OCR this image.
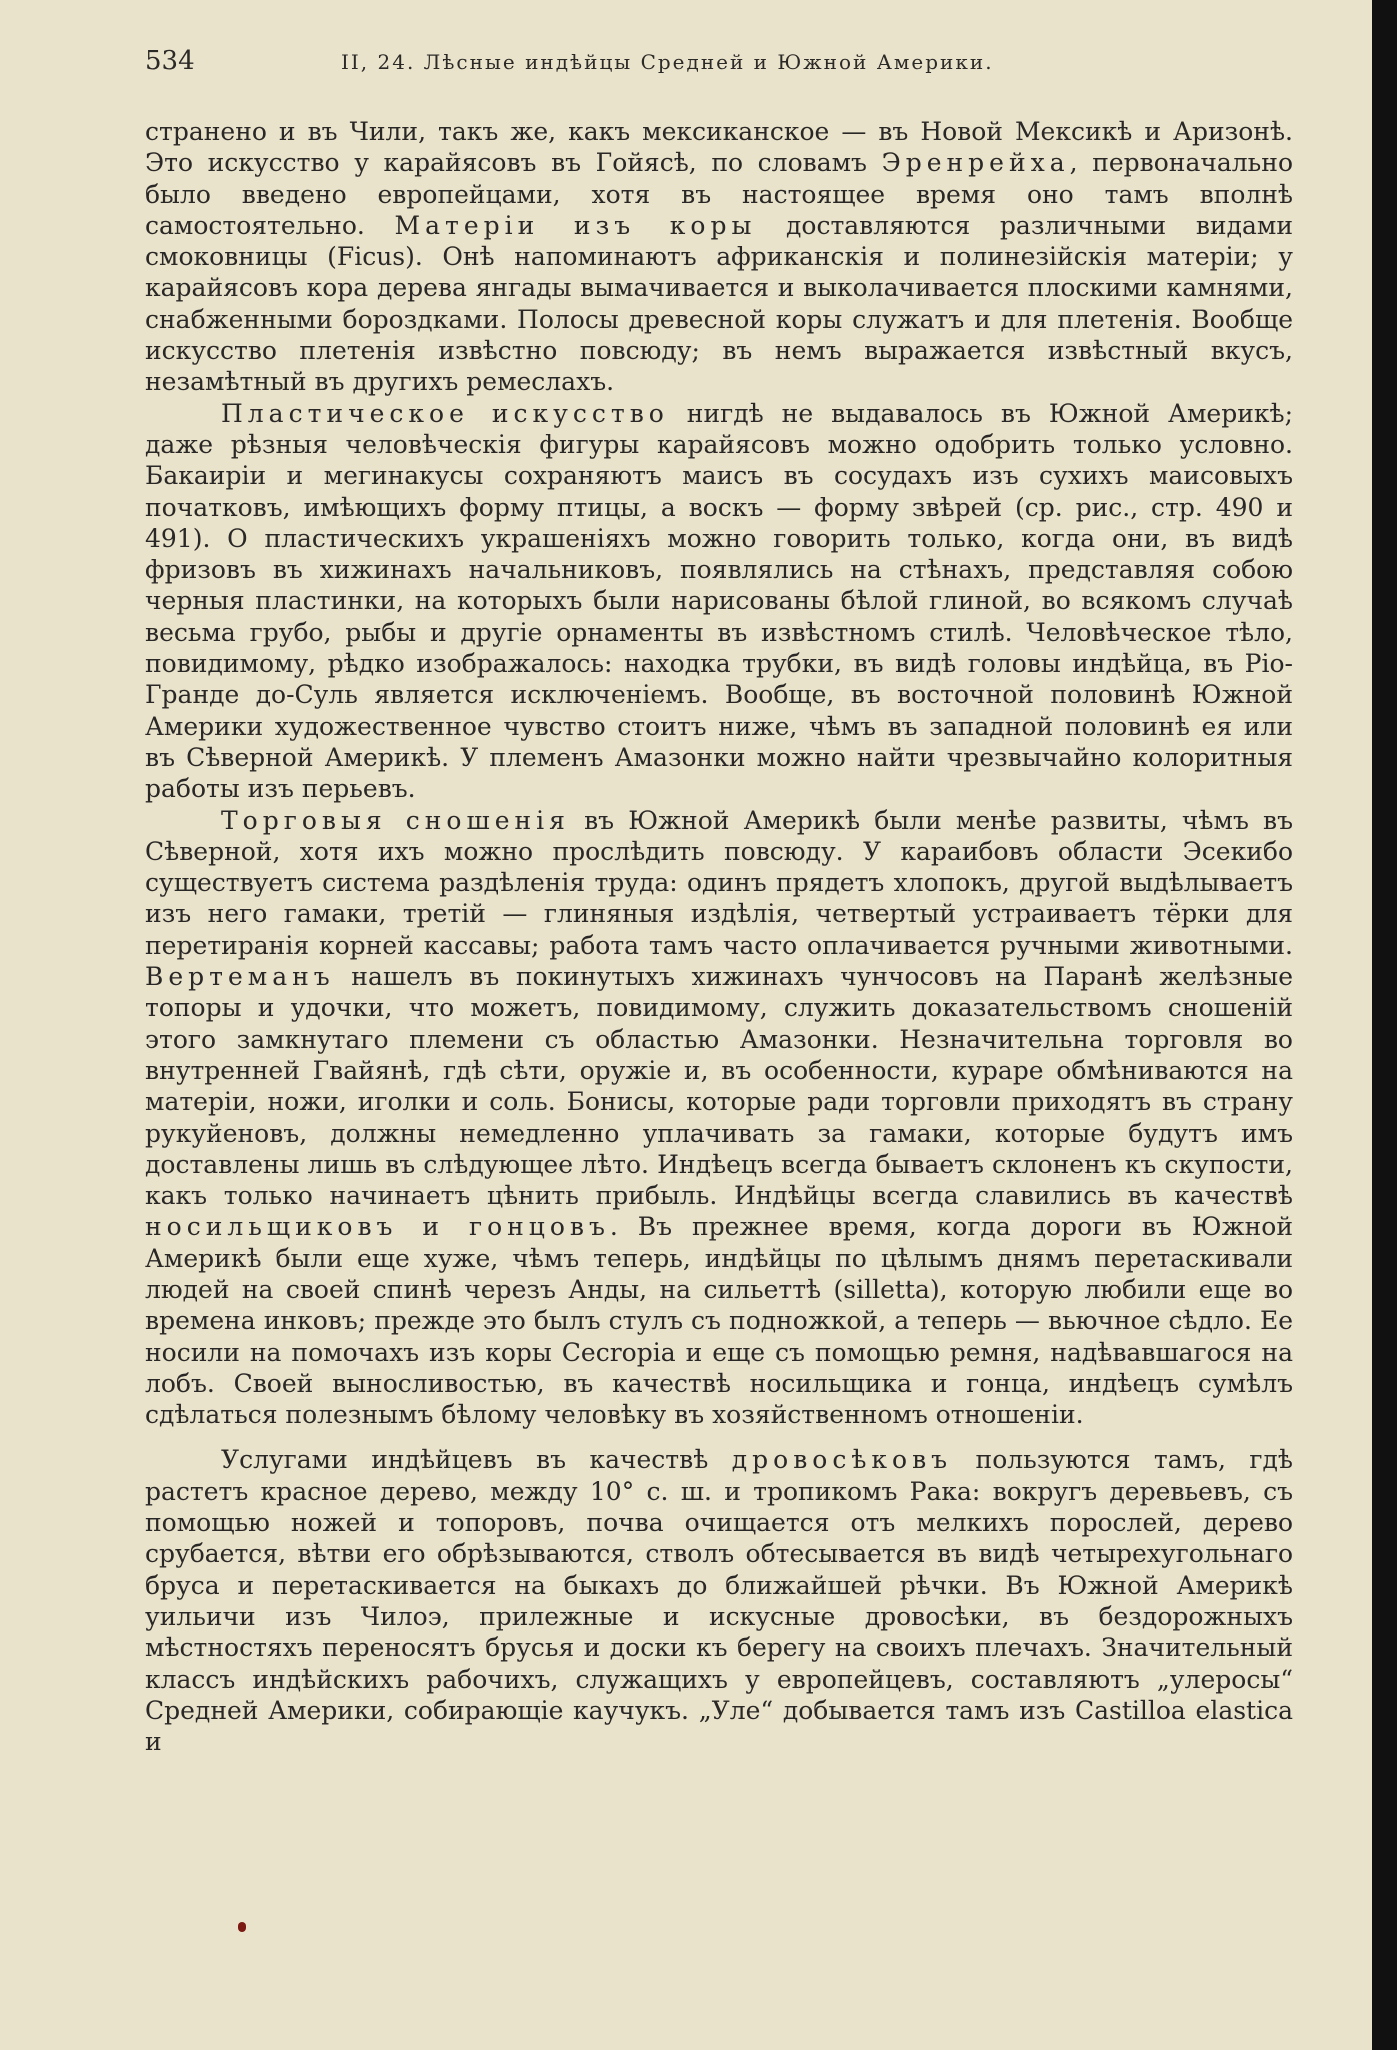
534	II, 24. Лѣсные индѣйцы Средней и Южной Америки.

странено и въ Чили, такъ же, какъ мексиканское — въ Новой Мексикѣ и Аризонѣ. Это искусство у карайясовъ въ Гойясѣ, по словамъ Эренрейха, первоначально было введено европейцами, хотя въ настоящее время оно тамъ вполнѣ самостоятельно. Матеріи изъ коры доставляются различными видами смоковницы (Ficus). Онѣ напоминаютъ африканскія и полинезійскія матеріи; у карайясовъ кора дерева янгады вымачивается и выколачивается плоскими камнями, снабженными бороздками. Полосы древесной коры служатъ и для плетенія. Вообще искусство плетенія извѣстно повсюду; въ немъ выражается извѣстный вкусъ, незамѣтный въ другихъ ремеслахъ.

Пластическое искусство нигдѣ не выдавалось въ Южной Америкѣ; даже рѣзныя человѣческія фигуры карайясовъ можно одобрить только условно. Бакаиріи и мегинакусы сохраняютъ маисъ въ сосудахъ изъ сухихъ маисовыхъ початковъ, имѣющихъ форму птицы, а воскъ — форму звѣрей (ср. рис., стр. 490 и 491). О пластическихъ украшеніяхъ можно говорить только, когда они, въ видѣ фризовъ въ хижинахъ начальниковъ, появлялись на стѣнахъ, представляя собою черныя пластинки, на которыхъ были нарисованы бѣлой глиной, во всякомъ случаѣ весьма грубо, рыбы и другіе орнаменты въ извѣстномъ стилѣ. Человѣческое тѣло, повидимому, рѣдко изображалось: находка трубки, въ видѣ головы индѣйца, въ Ріо-Гранде до-Суль является исключеніемъ. Вообще, въ восточной половинѣ Южной Америки художественное чувство стоитъ ниже, чѣмъ въ западной половинѣ ея или въ Сѣверной Америкѣ. У племенъ Амазонки можно найти чрезвычайно колоритныя работы изъ перьевъ.

Торговыя сношенія въ Южной Америкѣ были менѣе развиты, чѣмъ въ Сѣверной, хотя ихъ можно прослѣдить повсюду. У караибовъ области Эсекибо существуетъ система раздѣленія труда: одинъ прядетъ хлопокъ, другой выдѣлываетъ изъ него гамаки, третій — глиняныя издѣлія, четвертый устраиваетъ тёрки для перетиранія корней кассавы; работа тамъ часто оплачивается ручными животными. Вертеманъ нашелъ въ покинутыхъ хижинахъ чунчосовъ на Паранѣ желѣзные топоры и удочки, что можетъ, повидимому, служить доказательствомъ сношеній этого замкнутаго племени съ областью Амазонки. Незначительна торговля во внутренней Гвайянѣ, гдѣ сѣти, оружіе и, въ особенности, кураре обмѣниваются на матеріи, ножи, иголки и соль. Бонисы, которые ради торговли приходятъ въ страну рукуйеновъ, должны немедленно уплачивать за гамаки, которые будутъ имъ доставлены лишь въ слѣдующее лѣто. Индѣецъ всегда бываетъ склоненъ къ скупости, какъ только начинаетъ цѣнить прибыль. Индѣйцы всегда славились въ качествѣ носильщиковъ и гонцовъ. Въ прежнее время, когда дороги въ Южной Америкѣ были еще хуже, чѣмъ теперь, индѣйцы по цѣлымъ днямъ перетаскивали людей на своей спинѣ черезъ Анды, на сильеттѣ (silletta), которую любили еще во времена инковъ; прежде это былъ стулъ съ подножкой, а теперь — вьючное сѣдло. Ее носили на помочахъ изъ коры Cecropia и еще съ помощью ремня, надѣвавшагося на лобъ. Своей выносливостью, въ качествѣ носильщика и гонца, индѣецъ сумѣлъ сдѣлаться полезнымъ бѣлому человѣку въ хозяйственномъ отношеніи.

Услугами индѣйцевъ въ качествѣ дровосѣковъ пользуются тамъ, гдѣ растетъ красное дерево, между 10° с. ш. и тропикомъ Рака: вокругъ деревьевъ, съ помощью ножей и топоровъ, почва очищается отъ мелкихъ порослей, дерево срубается, вѣтви его обрѣзываются, стволъ обтесывается въ видѣ четырехугольнаго бруса и перетаскивается на быкахъ до ближайшей рѣчки. Въ Южной Америкѣ уильичи изъ Чилоэ, прилежные и искусные дровосѣки, въ бездорожныхъ мѣстностяхъ переносятъ брусья и доски къ берегу на своихъ плечахъ. Значительный классъ индѣйскихъ рабочихъ, служащихъ у европейцевъ, составляютъ „улеросы“ Средней Америки, собирающіе каучукъ. „Уле“ добывается тамъ изъ Castilloa elastica и
